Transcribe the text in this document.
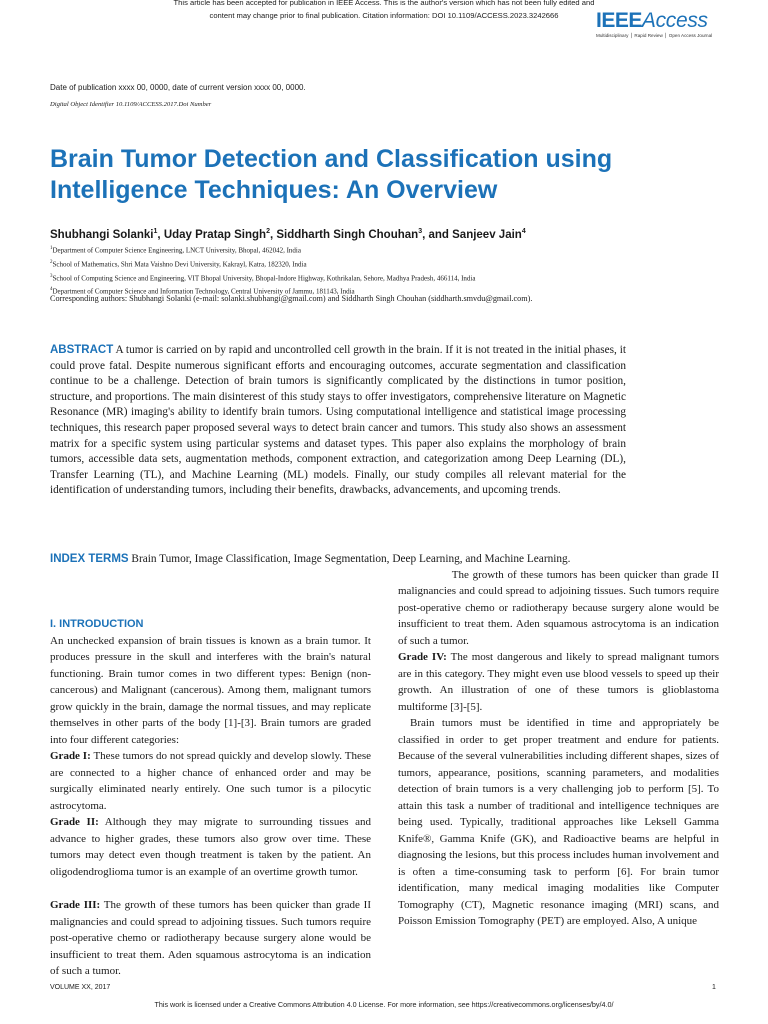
This article has been accepted for publication in IEEE Access. This is the author's version which has not been fully edited and
content may change prior to final publication. Citation information: DOI 10.1109/ACCESS.2023.3242666	IEEEAccess
Multidisciplinary ⎪ Rapid Review ⎪ Open Access Journal
Date of publication xxxx 00, 0000, date of current version xxxx 00, 0000.
Digital Object Identifier 10.1109/ACCESS.2017.Doi Number
Brain Tumor Detection and Classification using Intelligence Techniques: An Overview
Shubhangi Solanki$^1$, Uday Pratap Singh$^2$, Siddharth Singh Chouhan$^3$, and Sanjeev Jain$^4$
$^1$Department of Computer Science Engineering, LNCT University, Bhopal, 462042, India
$^2$School of Mathematics, Shri Mata Vaishno Devi University, Kakrayl, Katra, 182320, India
$^3$School of Computing Science and Engineering, VIT Bhopal University, Bhopal-Indore Highway, Kothrikalan, Sehore, Madhya Pradesh, 466114, India
$^4$Department of Computer Science and Information Technology, Central University of Jammu, 181143, India
Corresponding authors: Shubhangi Solanki (e-mail: solanki.shubhangi@gmail.com) and Siddharth Singh Chouhan (siddharth.smvdu@gmail.com).
ABSTRACT A tumor is carried on by rapid and uncontrolled cell growth in the brain. If it is not treated in the initial phases, it could prove fatal. Despite numerous significant efforts and encouraging outcomes, accurate segmentation and classification continue to be a challenge. Detection of brain tumors is significantly complicated by the distinctions in tumor position, structure, and proportions. The main disinterest of this study stays to offer investigators, comprehensive literature on Magnetic Resonance (MR) imaging's ability to identify brain tumors. Using computational intelligence and statistical image processing techniques, this research paper proposed several ways to detect brain cancer and tumors. This study also shows an assessment matrix for a specific system using particular systems and dataset types. This paper also explains the morphology of brain tumors, accessible data sets, augmentation methods, component extraction, and categorization among Deep Learning (DL), Transfer Learning (TL), and Machine Learning (ML) models. Finally, our study compiles all relevant material for the identification of understanding tumors, including their benefits, drawbacks, advancements, and upcoming trends.
INDEX TERMS Brain Tumor, Image Classification, Image Segmentation, Deep Learning, and Machine Learning.

I. INTRODUCTION

An unchecked expansion of brain tissues is known as a brain tumor. It produces pressure in the skull and interferes with the brain's natural functioning. Brain tumor comes in two different types: Benign (non-cancerous) and Malignant (cancerous). Among them, malignant tumors grow quickly in the brain, damage the normal tissues, and may replicate themselves in other parts of the body [1]-[3]. Brain tumors are graded into four different categories:

Grade I: These tumors do not spread quickly and develop slowly. These are connected to a higher chance of enhanced order and may be surgically eliminated nearly entirely. One such tumor is a pilocytic astrocytoma.

Grade II: Although they may migrate to surrounding tissues and advance to higher grades, these tumors also grow over time. These tumors may detect even though treatment is taken by the patient. An oligodendroglioma tumor is an example of an overtime growth tumor.

Grade III: The growth of these tumors has been quicker than grade II malignancies and could spread to adjoining tissues. Such tumors require post-operative chemo or radiotherapy because surgery alone would be insufficient to treat them. Aden squamous astrocytoma is an indication of such a tumor.

The growth of these tumors has been quicker than grade II malignancies and could spread to adjoining tissues. Such tumors require post-operative chemo or radiotherapy because surgery alone would be insufficient to treat them. Aden squamous astrocytoma is an indication of such a tumor.

Grade IV: The most dangerous and likely to spread malignant tumors are in this category. They might even use blood vessels to speed up their growth. An illustration of one of these tumors is glioblastoma multiforme [3]-[5].

Brain tumors must be identified in time and appropriately be classified in order to get proper treatment and endure for patients. Because of the several vulnerabilities including different shapes, sizes of tumors, appearance, positions, scanning parameters, and modalities detection of brain tumors is a very challenging job to perform [5]. To attain this task a number of traditional and intelligence techniques are being used. Typically, traditional approaches like Leksell Gamma Knife®, Gamma Knife (GK), and Radioactive beams are helpful in diagnosing the lesions, but this process includes human involvement and is often a time-consuming task to perform [6]. For brain tumor identification, many medical imaging modalities like Computer Tomography (CT), Magnetic resonance imaging (MRI) scans, and Poisson Emission Tomography (PET) are employed. Also, A unique

VOLUME XX, 2017	1
This work is licensed under a Creative Commons Attribution 4.0 License. For more information, see https://creativecommons.org/licenses/by/4.0/
